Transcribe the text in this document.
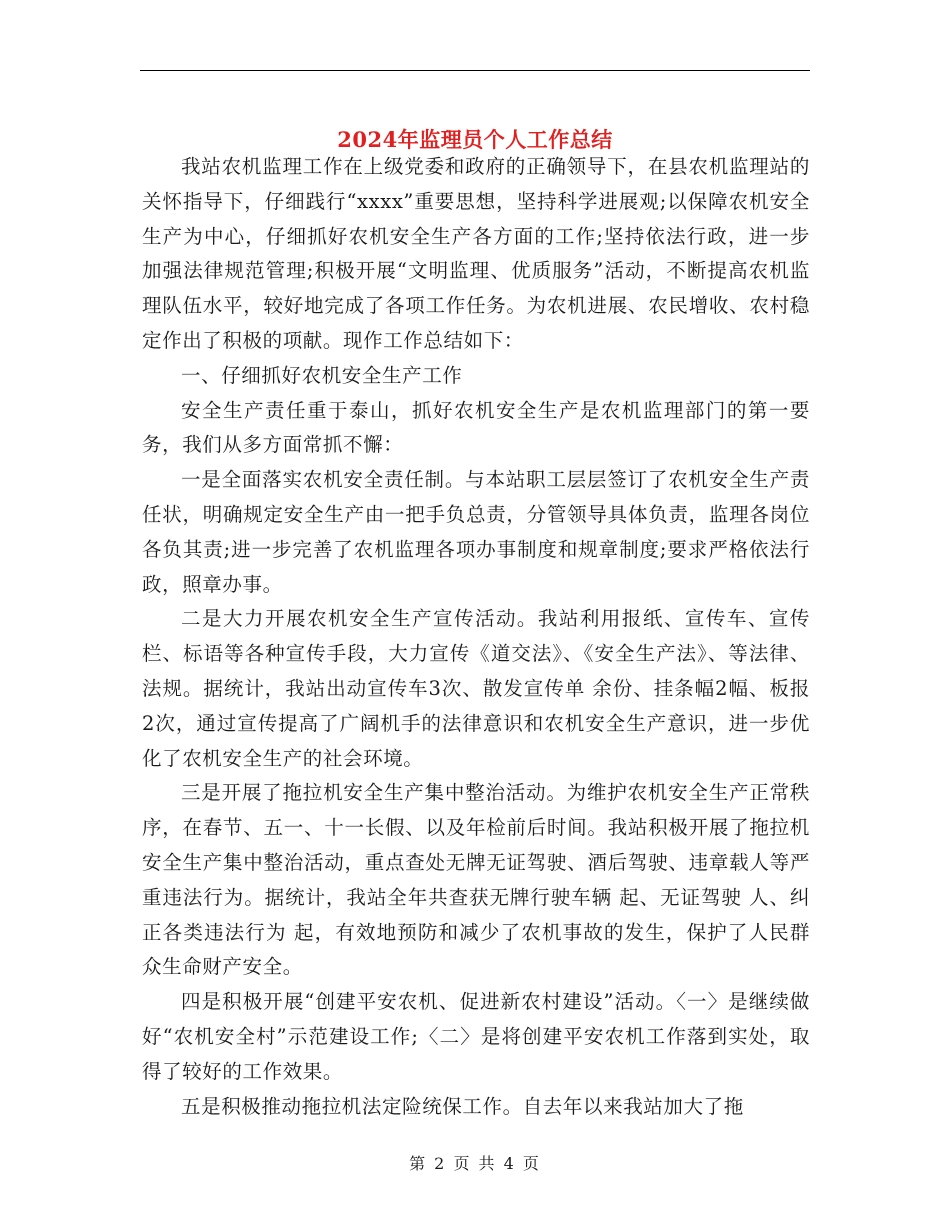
2024年监理员个人工作总结

我站农机监理工作在上级党委和政府的正确领导下，在县农机监理站的关怀指导下，仔细践行“xxxx”重要思想，坚持科学进展观;以保障农机安全生产为中心，仔细抓好农机安全生产各方面的工作;坚持依法行政，进一步加强法律规范管理;积极开展“文明监理、优质服务”活动，不断提高农机监理队伍水平，较好地完成了各项工作任务。为农机进展、农民增收、农村稳定作出了积极的项献。现作工作总结如下：

一、仔细抓好农机安全生产工作

安全生产责任重于泰山，抓好农机安全生产是农机监理部门的第一要务，我们从多方面常抓不懈：

一是全面落实农机安全责任制。与本站职工层层签订了农机安全生产责任状，明确规定安全生产由一把手负总责，分管领导具体负责，监理各岗位各负其责;进一步完善了农机监理各项办事制度和规章制度;要求严格依法行政，照章办事。

二是大力开展农机安全生产宣传活动。我站利用报纸、宣传车、宣传栏、标语等各种宣传手段，大力宣传《道交法》、《安全生产法》、等法律、法规。据统计，我站出动宣传车3次、散发宣传单 余份、挂条幅2幅、板报2次，通过宣传提高了广阔机手的法律意识和农机安全生产意识，进一步优化了农机安全生产的社会环境。

三是开展了拖拉机安全生产集中整治活动。为维护农机安全生产正常秩序，在春节、五一、十一长假、以及年检前后时间。我站积极开展了拖拉机安全生产集中整治活动，重点查处无牌无证驾驶、酒后驾驶、违章载人等严重违法行为。据统计，我站全年共查获无牌行驶车辆 起、无证驾驶 人、纠正各类违法行为 起，有效地预防和减少了农机事故的发生，保护了人民群众生命财产安全。

四是积极开展“创建平安农机、促进新农村建设”活动。〈一〉是继续做好“农机安全村”示范建设工作;〈二〉是将创建平安农机工作落到实处，取得了较好的工作效果。

五是积极推动拖拉机法定险统保工作。自去年以来我站加大了拖

第 2 页 共 4 页
